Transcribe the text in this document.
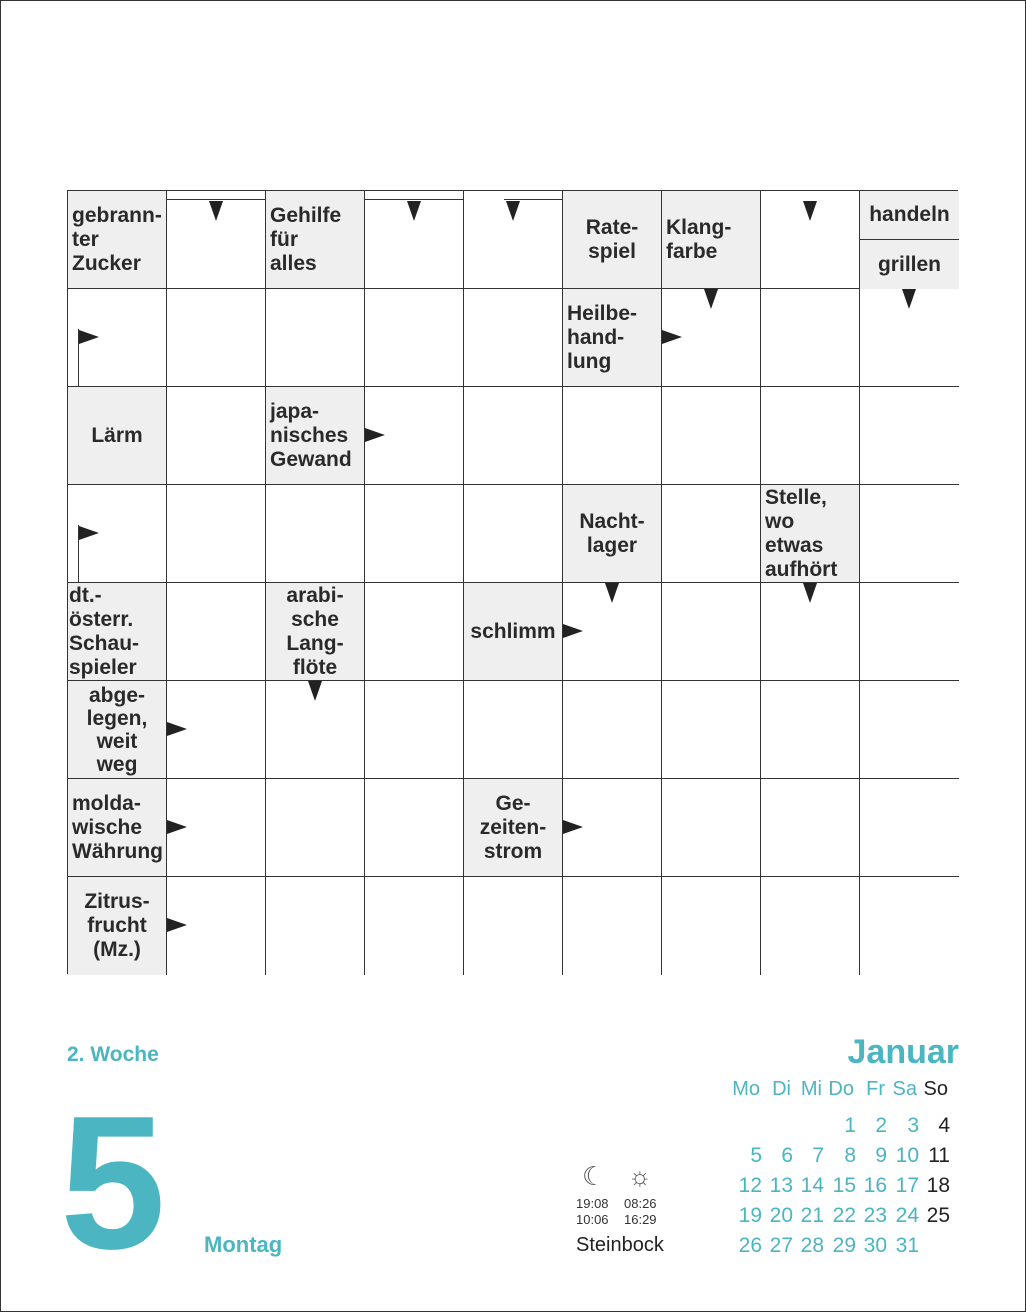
gebrann-
ter
Zucker
Gehilfe
für
alles
Rate-
spiel
Klang-
farbe
handeln
grillen
Heilbe-
hand-
lung
Lärm
japa-
nisches
Gewand
Nacht-
lager
Stelle,
wo
etwas
aufhört
dt.-österr.
Schau-
spieler
arabi-
sche
Lang-
flöte
schlimm
abge-
legen,
weit
weg
molda-
wische
Währung
Ge-
zeiten-
strom
Zitrus-
frucht
(Mz.)
2. Woche
5 Montag
Januar
Mo Di Mi Do Fr Sa So
1 2 3 4
5 6 7 8 9 10 11
12 13 14 15 16 17 18
19 20 21 22 23 24 25
26 27 28 29 30 31
☾ ☼
19:08
10:06
08:26
16:29
Steinbock
